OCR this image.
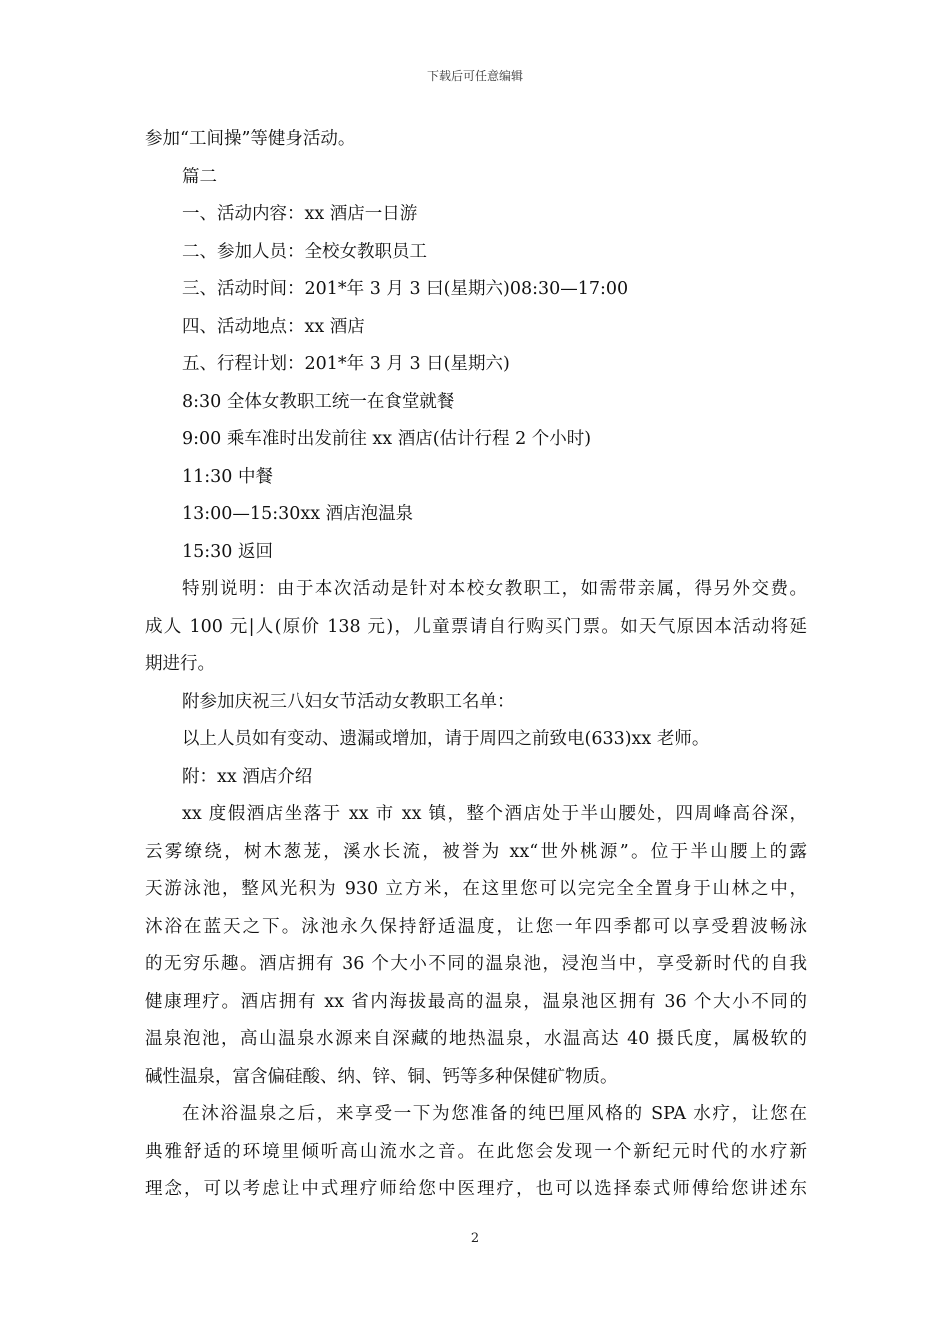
下载后可任意编辑
参加“工间操”等健身活动。
篇二
一、活动内容：xx 酒店一日游
二、参加人员：全校女教职员工
三、活动时间：201*年 3 月 3 曰(星期六)08:30—17:00
四、活动地点：xx 酒店
五、行程计划：201*年 3 月 3 日(星期六)
8:30 全体女教职工统一在食堂就餐
9:00 乘车准时出发前往 xx 酒店(估计行程 2 个小时)
11:30 中餐
13:00—15:30xx 酒店泡温泉
15:30 返回
特别说明：由于本次活动是针对本校女教职工，如需带亲属，得另外交费。
成人 100 元|人(原价 138 元)，儿童票请自行购买门票。如天气原因本活动将延
期进行。
附参加庆祝三八妇女节活动女教职工名单：
以上人员如有变动、遗漏或增加，请于周四之前致电(633)xx 老师。
附：xx 酒店介绍
xx 度假酒店坐落于 xx 市 xx 镇，整个酒店处于半山腰处，四周峰高谷深，
云雾缭绕，树木葱茏，溪水长流，被誉为 xx“世外桃源”。位于半山腰上的露
天游泳池，整风光积为 930 立方米，在这里您可以完完全全置身于山林之中，
沐浴在蓝天之下。泳池永久保持舒适温度，让您一年四季都可以享受碧波畅泳
的无穷乐趣。酒店拥有 36 个大小不同的温泉池，浸泡当中，享受新时代的自我
健康理疗。酒店拥有 xx 省内海拔最高的温泉，温泉池区拥有 36 个大小不同的
温泉泡池，高山温泉水源来自深藏的地热温泉，水温高达 40 摄氏度，属极软的
碱性温泉，富含偏硅酸、纳、锌、铜、钙等多种保健矿物质。
在沐浴温泉之后，来享受一下为您准备的纯巴厘风格的 SPA 水疗，让您在
典雅舒适的环境里倾听高山流水之音。在此您会发现一个新纪元时代的水疗新
理念，可以考虑让中式理疗师给您中医理疗，也可以选择泰式师傅给您讲述东
2
